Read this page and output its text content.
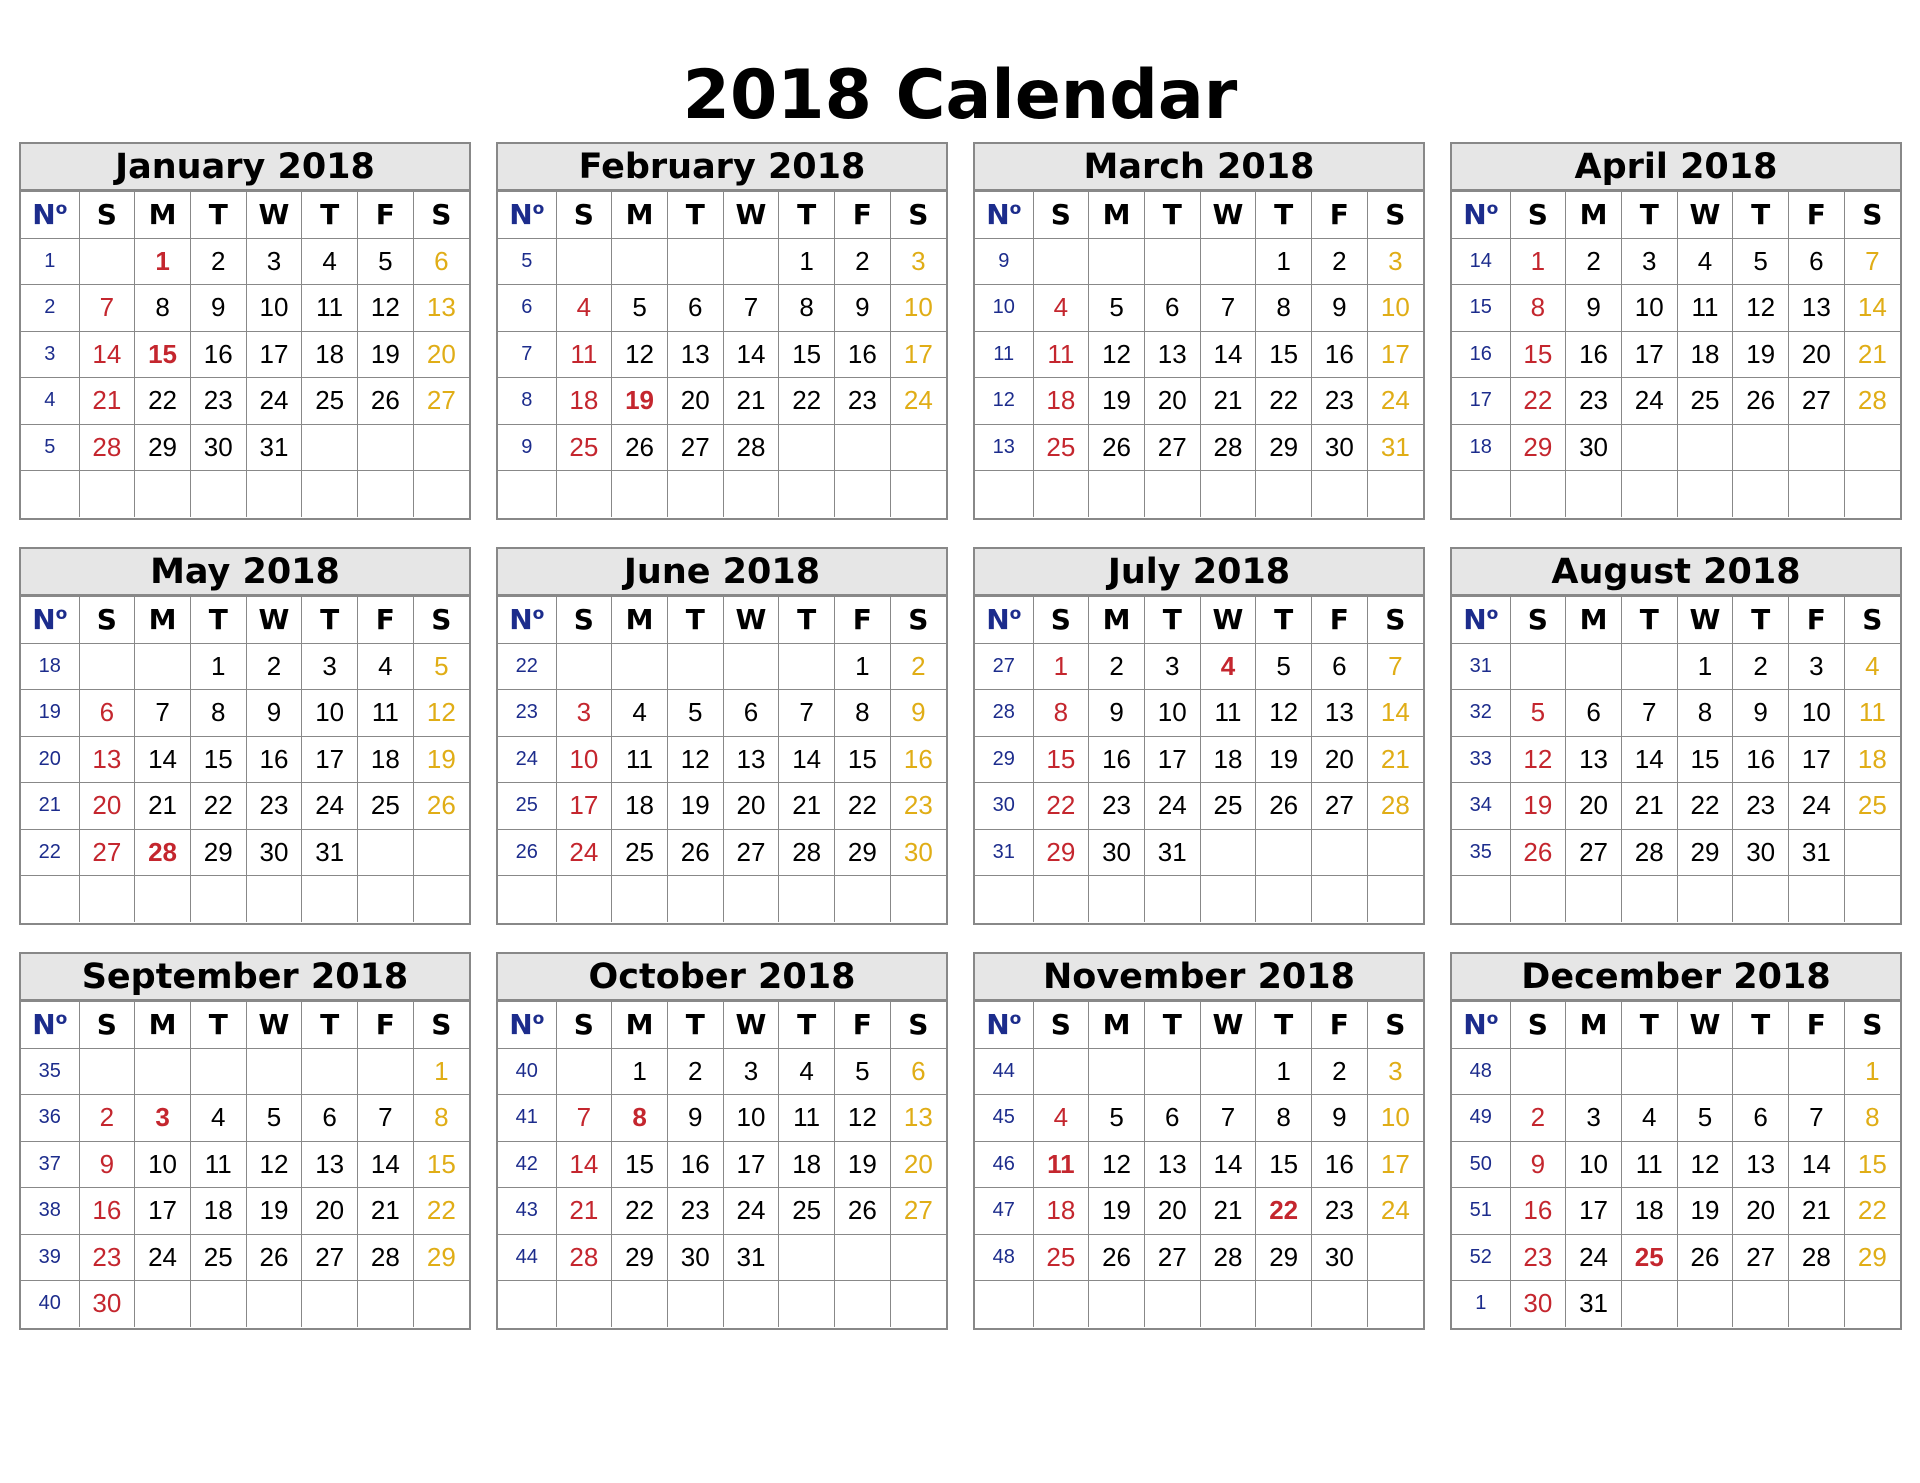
2018 Calendar
January 2018
$N^o$	S	M	T	W	T	F	S
1		1	2	3	4	5	6
2	7	8	9	10	11	12	13
3	14	15	16	17	18	19	20
4	21	22	23	24	25	26	27
5	28	29	30	31			

February 2018
$N^o$	S	M	T	W	T	F	S
5					1	2	3
6	4	5	6	7	8	9	10
7	11	12	13	14	15	16	17
8	18	19	20	21	22	23	24
9	25	26	27	28			

March 2018
$N^o$	S	M	T	W	T	F	S
9					1	2	3
10	4	5	6	7	8	9	10
11	11	12	13	14	15	16	17
12	18	19	20	21	22	23	24
13	25	26	27	28	29	30	31

April 2018
$N^o$	S	M	T	W	T	F	S
14	1	2	3	4	5	6	7
15	8	9	10	11	12	13	14
16	15	16	17	18	19	20	21
17	22	23	24	25	26	27	28
18	29	30					

May 2018
$N^o$	S	M	T	W	T	F	S
18			1	2	3	4	5
19	6	7	8	9	10	11	12
20	13	14	15	16	17	18	19
21	20	21	22	23	24	25	26
22	27	28	29	30	31		

June 2018
$N^o$	S	M	T	W	T	F	S
22						1	2
23	3	4	5	6	7	8	9
24	10	11	12	13	14	15	16
25	17	18	19	20	21	22	23
26	24	25	26	27	28	29	30

July 2018
$N^o$	S	M	T	W	T	F	S
27	1	2	3	4	5	6	7
28	8	9	10	11	12	13	14
29	15	16	17	18	19	20	21
30	22	23	24	25	26	27	28
31	29	30	31				

August 2018
$N^o$	S	M	T	W	T	F	S
31				1	2	3	4
32	5	6	7	8	9	10	11
33	12	13	14	15	16	17	18
34	19	20	21	22	23	24	25
35	26	27	28	29	30	31	

September 2018
$N^o$	S	M	T	W	T	F	S
35							1
36	2	3	4	5	6	7	8
37	9	10	11	12	13	14	15
38	16	17	18	19	20	21	22
39	23	24	25	26	27	28	29
40	30						
October 2018
$N^o$	S	M	T	W	T	F	S
40		1	2	3	4	5	6
41	7	8	9	10	11	12	13
42	14	15	16	17	18	19	20
43	21	22	23	24	25	26	27
44	28	29	30	31			

November 2018
$N^o$	S	M	T	W	T	F	S
44					1	2	3
45	4	5	6	7	8	9	10
46	11	12	13	14	15	16	17
47	18	19	20	21	22	23	24
48	25	26	27	28	29	30	

December 2018
$N^o$	S	M	T	W	T	F	S
48							1
49	2	3	4	5	6	7	8
50	9	10	11	12	13	14	15
51	16	17	18	19	20	21	22
52	23	24	25	26	27	28	29
1	30	31					
